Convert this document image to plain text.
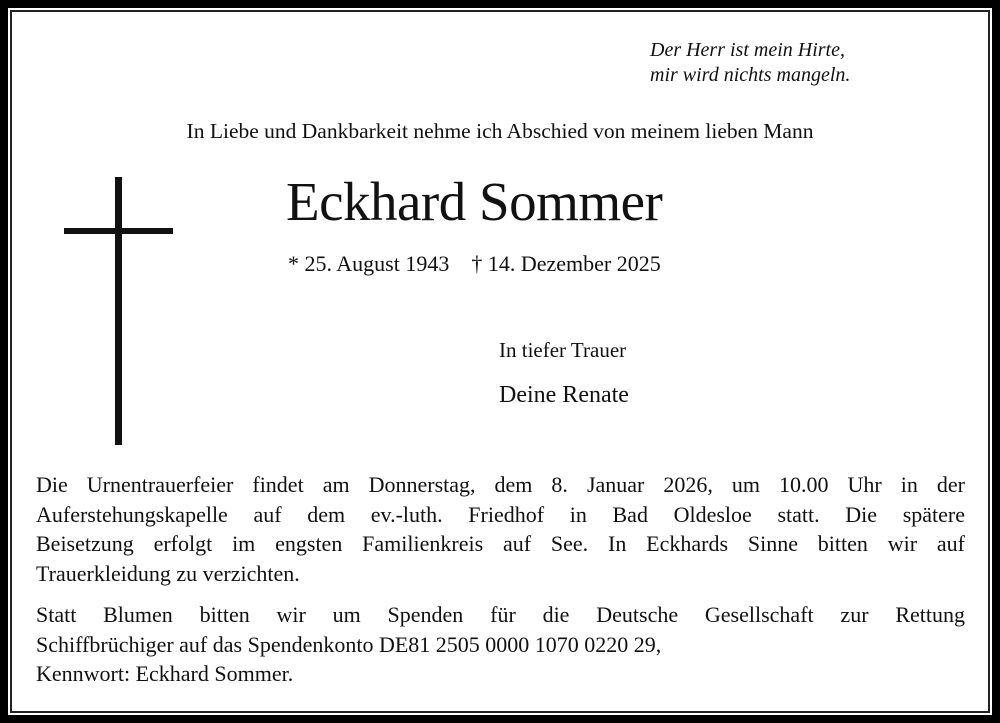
Der Herr ist mein Hirte,
mir wird nichts mangeln.
In Liebe und Dankbarkeit nehme ich Abschied von meinem lieben Mann
Eckhard Sommer
* 25. August 1943 † 14. Dezember 2025
In tiefer Trauer
Deine Renate
Die Urnentrauerfeier findet am Donnerstag, dem 8. Januar 2026, um 10.00 Uhr in der
Auferstehungskapelle auf dem ev.-luth. Friedhof in Bad Oldesloe statt. Die spätere
Beisetzung erfolgt im engsten Familienkreis auf See. In Eckhards Sinne bitten wir auf
Trauerkleidung zu verzichten.
Statt Blumen bitten wir um Spenden für die Deutsche Gesellschaft zur Rettung
Schiffbrüchiger auf das Spendenkonto DE81 2505 0000 1070 0220 29,
Kennwort: Eckhard Sommer.
